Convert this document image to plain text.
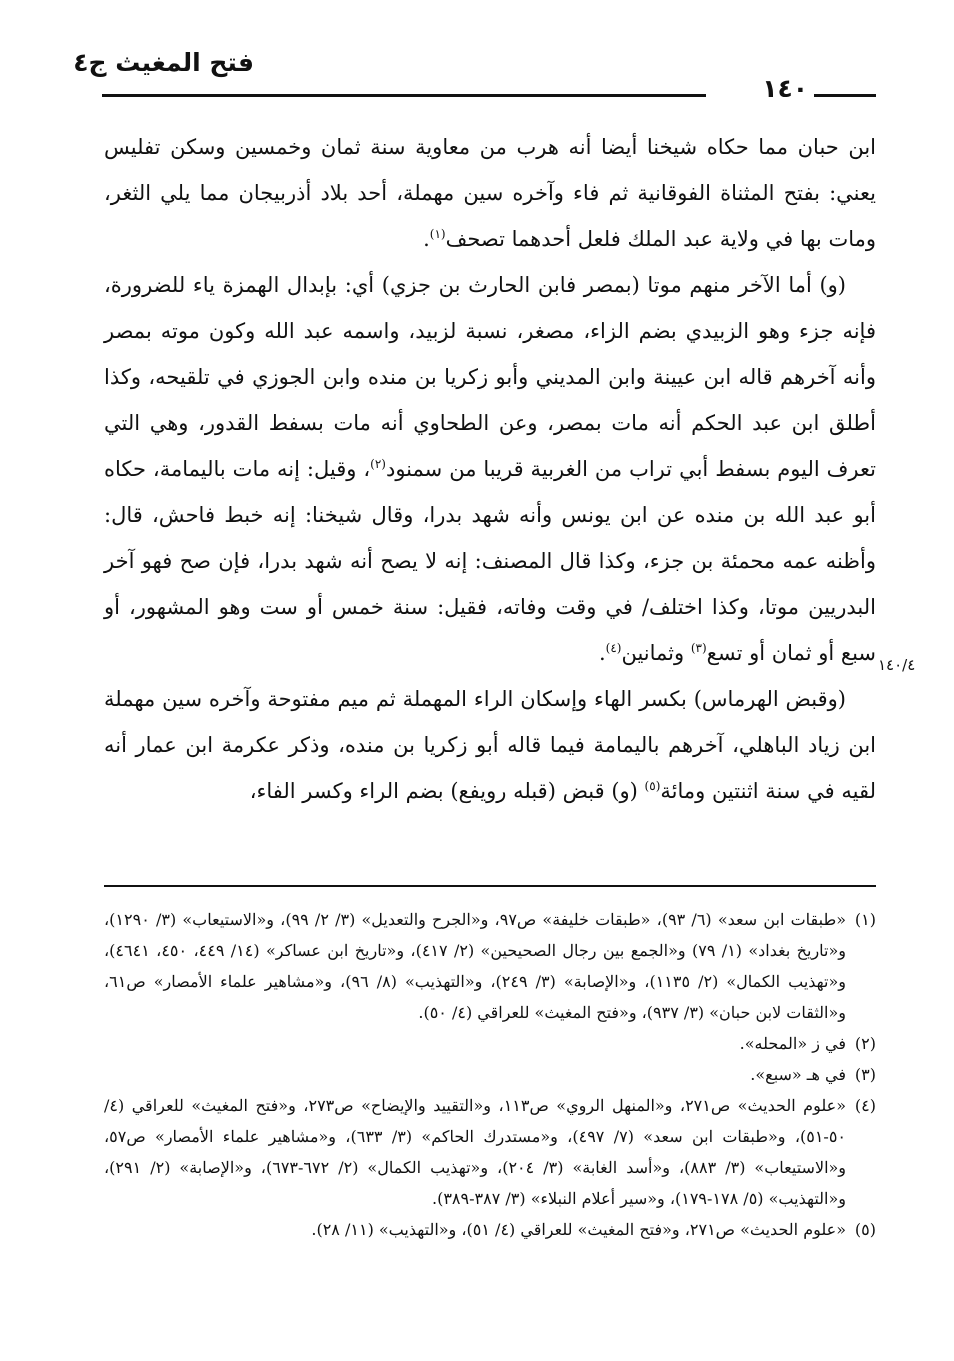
فتح المغيث ج٤
١٤٠

ابن حبان مما حكاه شيخنا أيضا أنه هرب من معاوية سنة ثمان وخمسين وسكن تفليس يعني: بفتح المثناة الفوقانية ثم فاء وآخره سين مهملة، أحد بلاد أذربيجان مما يلي الثغر، ومات بها في ولاية عبد الملك فلعل أحدهما تصحف$^{(١)}$.

(و) أما الآخر منهم موتا (بمصر فابن الحارث بن جزي) أي: بإبدال الهمزة ياء للضرورة، فإنه جزء وهو الزبيدي بضم الزاء، مصغر، نسبة لزبيد، واسمه عبد الله وكون موته بمصر وأنه آخرهم قاله ابن عيينة وابن المديني وأبو زكريا بن منده وابن الجوزي في تلقيحه، وكذا أطلق ابن عبد الحكم أنه مات بمصر، وعن الطحاوي أنه مات بسفط القدور، وهي التي تعرف اليوم بسفط أبي تراب من الغربية قريبا من سمنود$^{(٢)}$، وقيل: إنه مات باليمامة، حكاه أبو عبد الله بن منده عن ابن يونس وأنه شهد بدرا، وقال شيخنا: إنه خبط فاحش، قال: وأظنه عمه محمئة بن جزء، وكذا قال المصنف: إنه لا يصح أنه شهد بدرا، فإن صح فهو آخر البدريين موتا، وكذا اختلف/ في وقت وفاته، فقيل: سنة خمس أو ست وهو المشهور، أو سبع أو ثمان أو تسع$^{(٣)}$ وثمانين$^{(٤)}$.

(وقبض الهرماس) بكسر الهاء وإسكان الراء المهملة ثم ميم مفتوحة وآخره سين مهملة ابن زياد الباهلي، آخرهم باليمامة فيما قاله أبو زكريا بن منده، وذكر عكرمة ابن عمار أنه لقيه في سنة اثنتين ومائة$^{(٥)}$ (و) قبض (قبله رويفع) بضم الراء وكسر الفاء،

١٤٠/٤
(١)
«طبقات ابن سعد» (٦/ ٩٣)، «طبقات خليفة» ص٩٧، و«الجرح والتعديل» (٣/ ٢/ ٩٩)، و«الاستيعاب» (٣/ ١٢٩٠)، و«تاريخ بغداد» (١/ ٧٩) و«الجمع بين رجال الصحيحين» (٢/ ٤١٧)، و«تاريخ ابن عساكر» (١٤/ ٤٤٩، ٤٥٠، ٤٦٤١)، و«تهذيب الكمال» (٢/ ١١٣٥)، و«الإصابة» (٣/ ٢٤٩)، و«التهذيب» (٨/ ٩٦)، و«مشاهير علماء الأمصار» ص٦١، و«الثقات لابن حبان» (٣/ ٩٣٧)، و«فتح المغيث» للعراقي (٤/ ٥٠).
(٢)
في ز «المحله».
(٣)
في هـ «سبع».
(٤)
«علوم الحديث» ص٢٧١، و«المنهل الروي» ص١١٣، و«التقييد والإيضاح» ص٢٧٣، و«فتح المغيث» للعراقي (٤/ ٥٠-٥١)، و«طبقات ابن سعد» (٧/ ٤٩٧)، و«مستدرك الحاكم» (٣/ ٦٣٣)، و«مشاهير علماء الأمصار» ص٥٧، و«الاستيعاب» (٣/ ٨٨٣)، و«أسد الغابة» (٣/ ٢٠٤)، و«تهذيب الكمال» (٢/ ٦٧٢-٦٧٣)، و«الإصابة» (٢/ ٢٩١)، و«التهذيب» (٥/ ١٧٨-١٧٩)، و«سير أعلام النبلاء» (٣/ ٣٨٧-٣٨٩).
(٥)
«علوم الحديث» ص٢٧١، و«فتح المغيث» للعراقي (٤/ ٥١)، و«التهذيب» (١١/ ٢٨).
